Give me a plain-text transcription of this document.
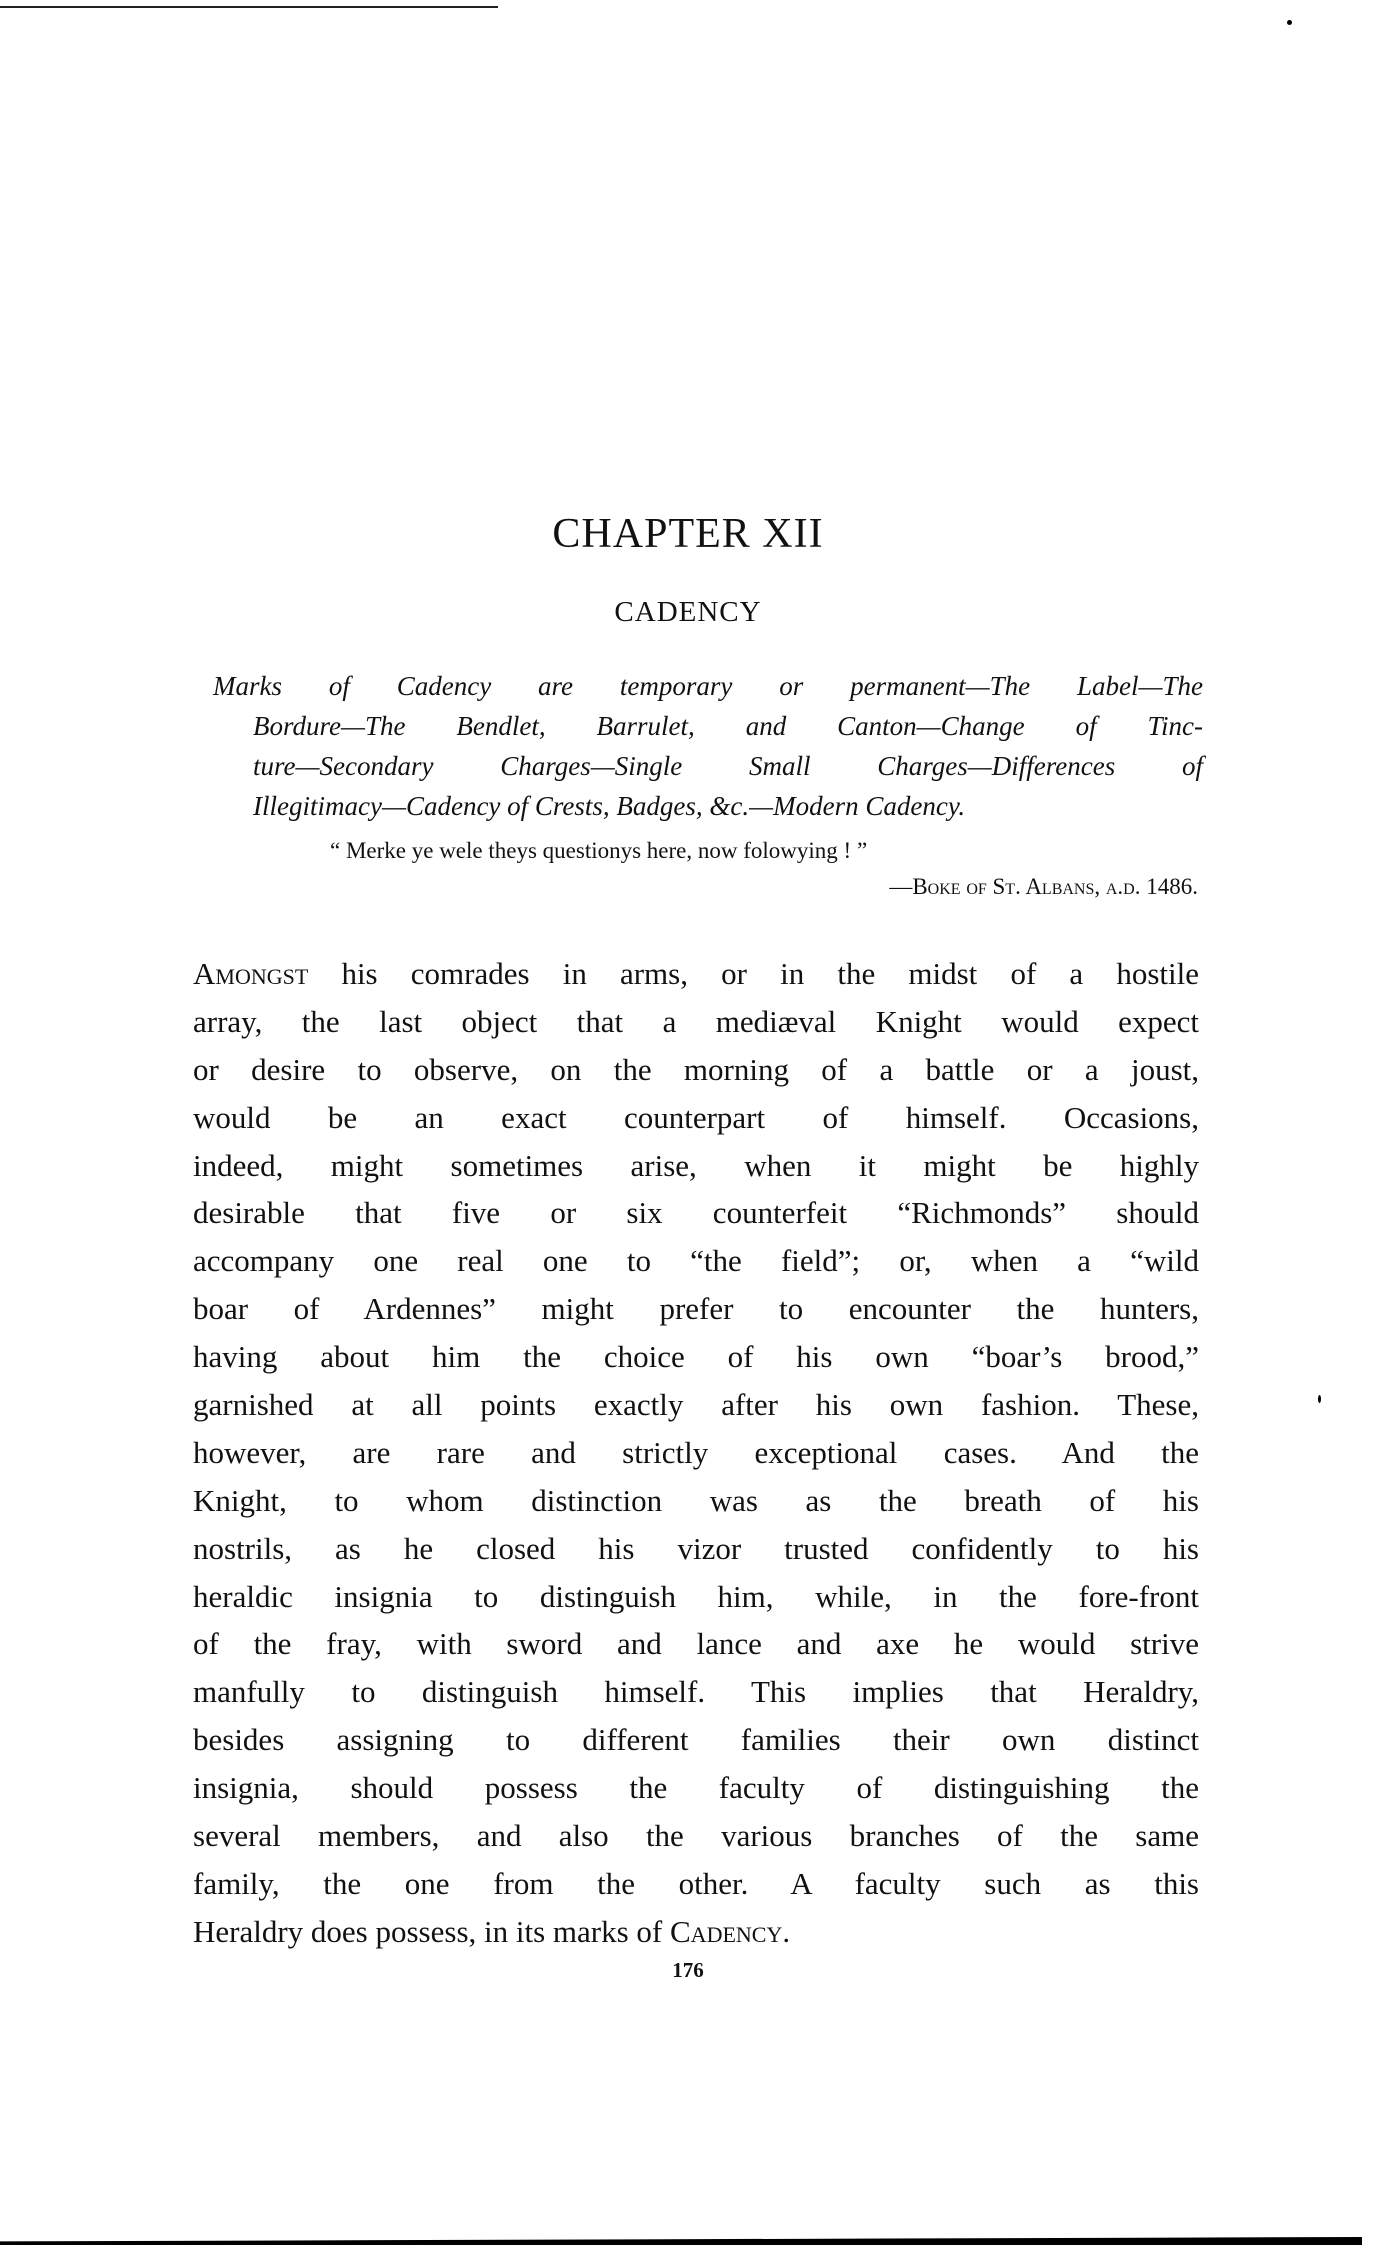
CHAPTER XII
CADENCY
Marks of Cadency are temporary or permanent—The Label—The
Bordure—The Bendlet, Barrulet, and Canton—Change of Tinc-
ture—Secondary Charges—Single Small Charges—Differences of
Illegitimacy—Cadency of Crests, Badges, &c.—Modern Cadency.
“ Merke ye wele theys questionys here, now folowying ! ”
—Boke of St. Albans, a.d. 1486.
Amongst his comrades in arms, or in the midst of a hostile
array, the last object that a mediæval Knight would expect
or desire to observe, on the morning of a battle or a joust,
would be an exact counterpart of himself. Occasions,
indeed, might sometimes arise, when it might be highly
desirable that five or six counterfeit “Richmonds” should
accompany one real one to “the field”; or, when a “wild
boar of Ardennes” might prefer to encounter the hunters,
having about him the choice of his own “boar’s brood,”
garnished at all points exactly after his own fashion. These,
however, are rare and strictly exceptional cases. And the
Knight, to whom distinction was as the breath of his
nostrils, as he closed his vizor trusted confidently to his
heraldic insignia to distinguish him, while, in the fore-front
of the fray, with sword and lance and axe he would strive
manfully to distinguish himself. This implies that Heraldry,
besides assigning to different families their own distinct
insignia, should possess the faculty of distinguishing the
several members, and also the various branches of the same
family, the one from the other. A faculty such as this
Heraldry does possess, in its marks of Cadency.
176
